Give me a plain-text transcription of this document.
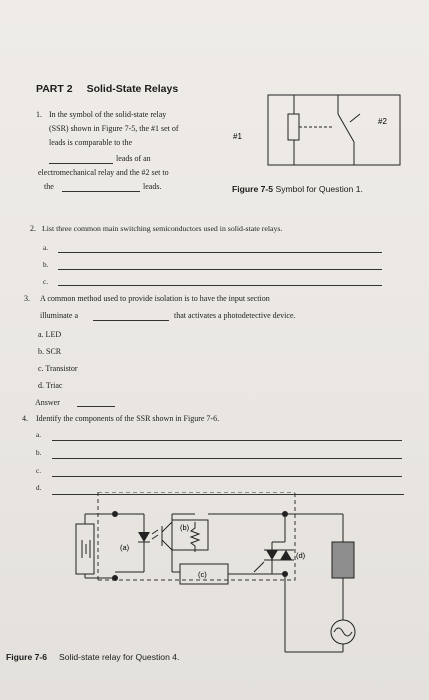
PART 2 Solid-State Relays
1. In the symbol of the solid-state relay
(SSR) shown in Figure 7-5, the #1 set of
leads is comparable to the
leads of an
electromechanical relay and the #2 set to
the	leads.
#1
#2
Figure 7-5 Symbol for Question 1.
2. List three common main switching semiconductors used in solid-state relays.
a.
b.
c.
3. A common method used to provide isolation is to have the input section
illuminate a	that activates a photodetective device.
a. LED
b. SCR
c. Transistor
d. Triac
Answer
4. Identify the components of the SSR shown in Figure 7-6.
a.
b.
c.
d.
(a)
(b)
(c)
(d)
Figure 7-6 Solid-state relay for Question 4.
